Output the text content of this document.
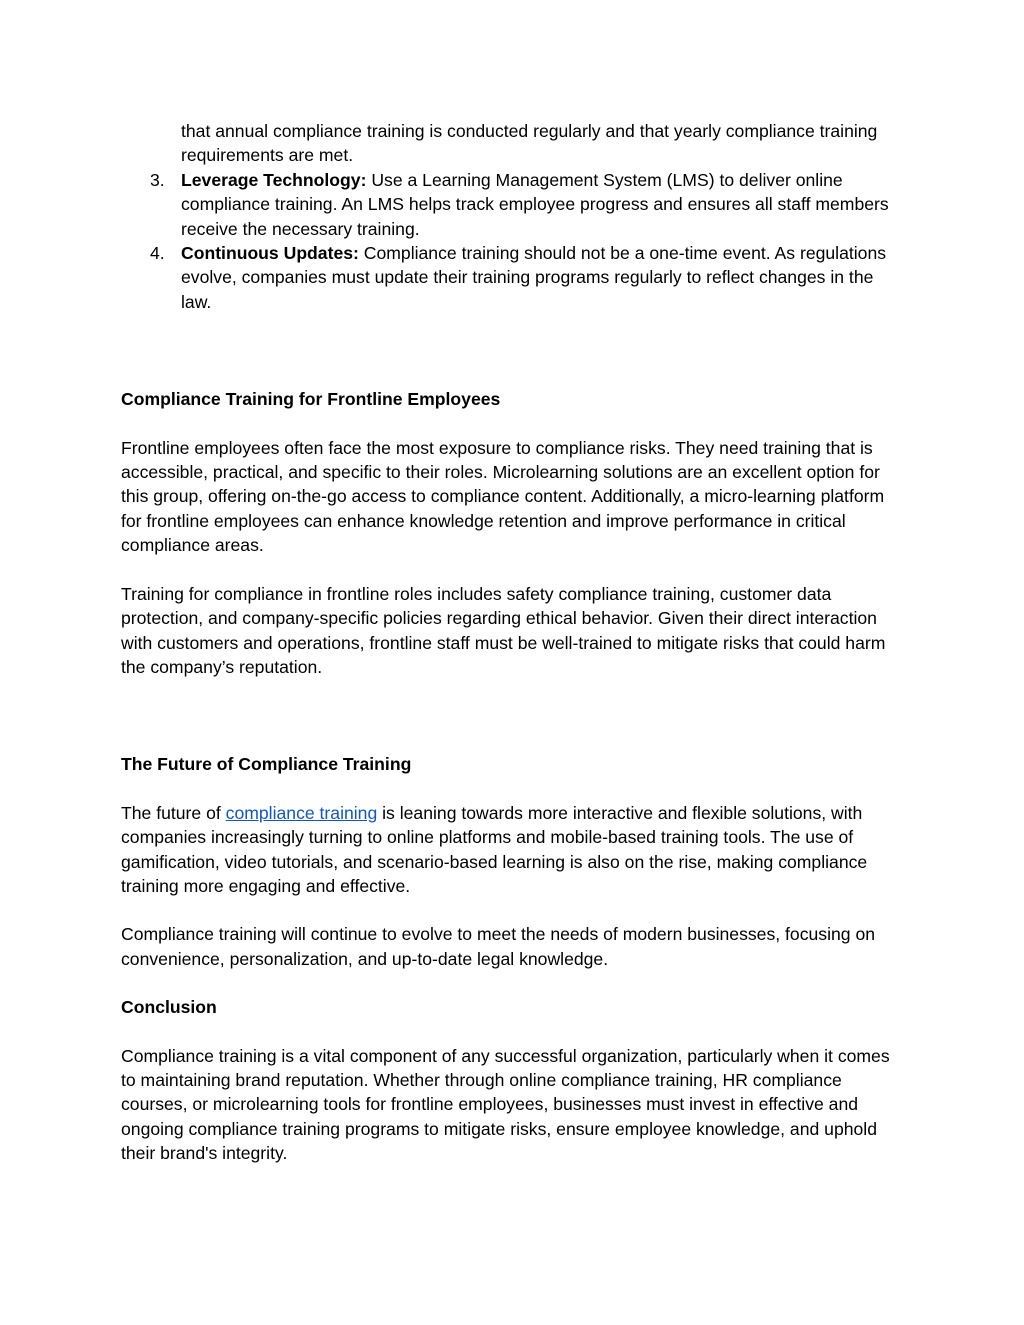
that annual compliance training is conducted regularly and that yearly compliance training requirements are met.

3. Leverage Technology: Use a Learning Management System (LMS) to deliver online compliance training. An LMS helps track employee progress and ensures all staff members receive the necessary training.
4. Continuous Updates: Compliance training should not be a one-time event. As regulations evolve, companies must update their training programs regularly to reflect changes in the law.

Compliance Training for Frontline Employees

Frontline employees often face the most exposure to compliance risks. They need training that is accessible, practical, and specific to their roles. Microlearning solutions are an excellent option for this group, offering on-the-go access to compliance content. Additionally, a micro-learning platform for frontline employees can enhance knowledge retention and improve performance in critical compliance areas.

Training for compliance in frontline roles includes safety compliance training, customer data protection, and company-specific policies regarding ethical behavior. Given their direct interaction with customers and operations, frontline staff must be well-trained to mitigate risks that could harm the company’s reputation.

The Future of Compliance Training

The future of compliance training is leaning towards more interactive and flexible solutions, with companies increasingly turning to online platforms and mobile-based training tools. The use of gamification, video tutorials, and scenario-based learning is also on the rise, making compliance training more engaging and effective.

Compliance training will continue to evolve to meet the needs of modern businesses, focusing on convenience, personalization, and up-to-date legal knowledge.

Conclusion

Compliance training is a vital component of any successful organization, particularly when it comes to maintaining brand reputation. Whether through online compliance training, HR compliance courses, or microlearning tools for frontline employees, businesses must invest in effective and ongoing compliance training programs to mitigate risks, ensure employee knowledge, and uphold their brand's integrity.
